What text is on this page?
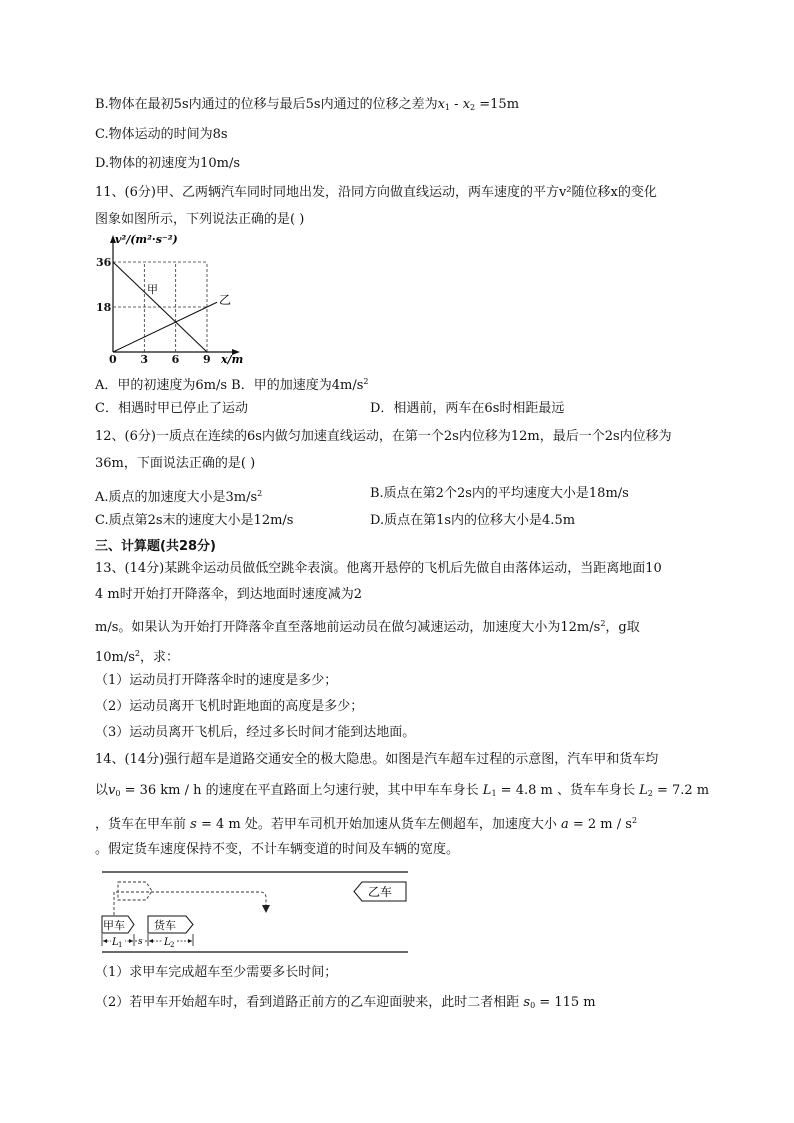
B.物体在最初5s内通过的位移与最后5s内通过的位移之差为$x_1 - x_2 =15m$
C.物体运动的时间为8s
D.物体的初速度为10m/s
11、(6分)甲、乙两辆汽车同时同地出发，沿同方向做直线运动，两车速度的平方v²随位移x的变化
图象如图所示，下列说法正确的是( )
36
18
0 3 6 9
v²/(m²·s⁻²)
x/m
甲
乙
A．甲的初速度为6m/s B．甲的加速度为$4m/s^2$
C．相遇时甲已停止了运动	D．相遇前，两车在6s时相距最远
12、(6分)一质点在连续的6s内做匀加速直线运动，在第一个2s内位移为12m，最后一个2s内位移为
36m，下面说法正确的是( )
A.质点的加速度大小是$3m/s^2$	B.质点在第2个2s内的平均速度大小是18m/s
C.质点第2s末的速度大小是12m/s	D.质点在第1s内的位移大小是4.5m
三、计算题(共28分)
13、(14分)某跳伞运动员做低空跳伞表演。他离开悬停的飞机后先做自由落体运动，当距离地面10
4 m时开始打开降落伞，到达地面时速度减为2
m/s。如果认为开始打开降落伞直至落地前运动员在做匀减速运动，加速度大小为$12m/s^2$，g取
$10m/s^2$，求：
（1）运动员打开降落伞时的速度是多少；
（2）运动员离开飞机时距地面的高度是多少；
（3）运动员离开飞机后，经过多长时间才能到达地面。
14、(14分)强行超车是道路交通安全的极大隐患。如图是汽车超车过程的示意图，汽车甲和货车均
以$v_0 = 36$ km / h 的速度在平直路面上匀速行驶，其中甲车车身长 $L_1 = 4.8$ m 、货车车身长 $L_2 = 7.2$ m
，货车在甲车前 s = 4 m 处。若甲车司机开始加速从货车左侧超车，加速度大小 a = 2 m / $s^2$
。假定货车速度保持不变，不计车辆变道的时间及车辆的宽度。
乙车
甲车	货车
L 1 s L 2
（1）求甲车完成超车至少需要多长时间；
（2）若甲车开始超车时，看到道路正前方的乙车迎面驶来，此时二者相距 $s_0 = 115$ m
